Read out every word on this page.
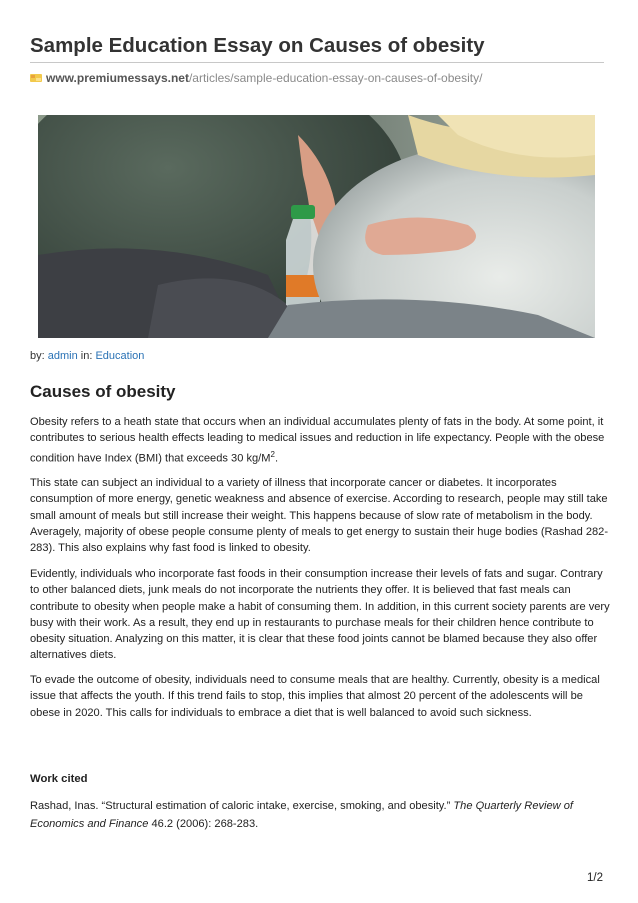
Sample Education Essay on Causes of obesity
www.premiumessays.net/articles/sample-education-essay-on-causes-of-obesity/
by: admin in: Education
Causes of obesity

Obesity refers to a heath state that occurs when an individual accumulates plenty of fats in the body. At some point, it contributes to serious health effects leading to medical issues and reduction in life expectancy. People with the obese condition have Index (BMI) that exceeds 30 $kg/M^2$.

This state can subject an individual to a variety of illness that incorporate cancer or diabetes. It incorporates consumption of more energy, genetic weakness and absence of exercise. According to research, people may still take small amount of meals but still increase their weight. This happens because of slow rate of metabolism in the body. Averagely, majority of obese people consume plenty of meals to get energy to sustain their huge bodies (Rashad 282-283). This also explains why fast food is linked to obesity.

Evidently, individuals who incorporate fast foods in their consumption increase their levels of fats and sugar. Contrary to other balanced diets, junk meals do not incorporate the nutrients they offer. It is believed that fast meals can contribute to obesity when people make a habit of consuming them. In addition, in this current society parents are very busy with their work. As a result, they end up in restaurants to purchase meals for their children hence contribute to obesity situation. Analyzing on this matter, it is clear that these food joints cannot be blamed because they also offer alternatives diets.

To evade the outcome of obesity, individuals need to consume meals that are healthy. Currently, obesity is a medical issue that affects the youth. If this trend fails to stop, this implies that almost 20 percent of the adolescents will be obese in 2020. This calls for individuals to embrace a diet that is well balanced to avoid such sickness.

Work cited

Rashad, Inas. “Structural estimation of caloric intake, exercise, smoking, and obesity.” The Quarterly Review of Economics and Finance 46.2 (2006): 268-283.

1/2
